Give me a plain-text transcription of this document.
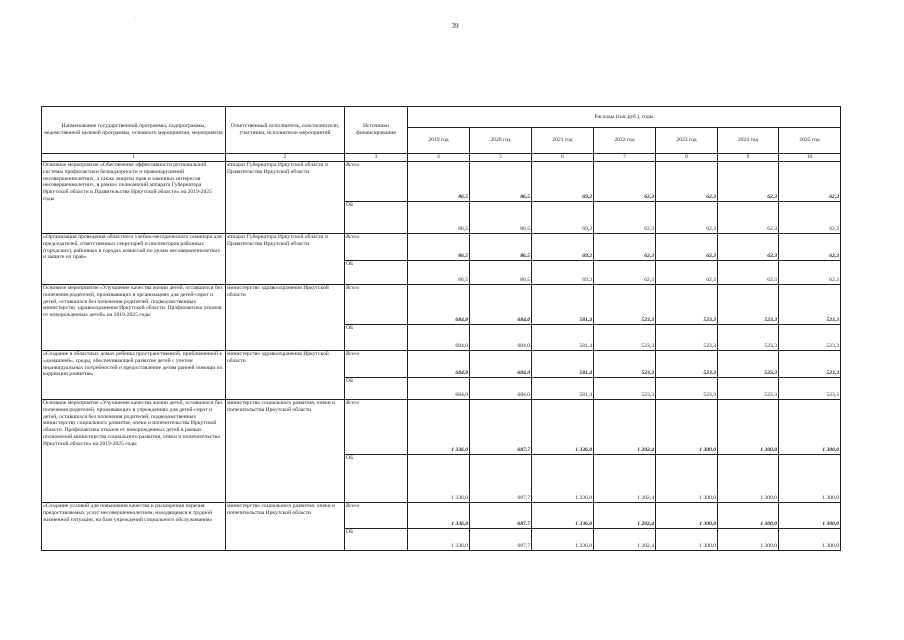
39
·
Наименование государственной программы, подпрограммы, ведомственной целевой программы, основного мероприятия, мероприятия	Ответственный исполнитель, соисполнители, участники, исполнители мероприятий	Источники финансирования	Расходы (тыс.руб.), годы						
			2019 год	2020 год	2021 год	2022 год	2023 год	2024 год	2025 год
1	2	3	4	5	6	7	8	9	10
Основное мероприятие «Обеспечение эффективности региональной системы профилактики безнадзорности и правонарушений несовершеннолетних, а также защиты прав и законных интересов несовершеннолетних, в рамках полномочий аппарата Губернатора Иркутской области и Правительства Иркутской области» на 2019-2025 годы	аппарат Губернатора Иркутской области и Правительства Иркутской области	Всего	86,5	86,5	69,2	62,3	62,3	62,3	62,3
		ОБ	86,5	86,5	69,2	62,3	62,3	62,3	62,3
«Организация проведения областного учебно-методического семинара для председателей, ответственных секретарей и инспекторов районных (городских), районных в городах комиссий по делам несовершеннолетних и защите их прав»	аппарат Губернатора Иркутской области и Правительства Иркутской области	Всего	86,5	86,5	69,2	62,3	62,3	62,3	62,3
		ОБ	86,5	86,5	69,2	62,3	62,3	62,3	62,3
Основное мероприятие «Улучшение качества жизни детей, оставшихся без попечения родителей, проживающих в организациях для детей-сирот и детей, оставшихся без попечения родителей, подведомственных министерству здравоохранения Иркутской области. Профилактика отказов от новорожденных детей» на 2019-2025 годы	министерство здравоохранения Иркутской области	Всего	684,0	684,0	581,4	523,3	523,3	523,3	523,3
		ОБ	684,0	684,0	581,4	523,3	523,3	523,3	523,3
«Создание в областных домах ребенка пространственной, приближенной к «домашней», среды, обеспечивающей развитие детей с учетом индивидуальных потребностей и предоставление детям ранней помощи по коррекции развития»	министерство здравоохранения Иркутской области	Всего	684,0	684,0	581,4	523,3	523,3	523,3	523,3
		ОБ	684,0	684,0	581,4	523,3	523,3	523,3	523,3
Основное мероприятие «Улучшение качества жизни детей, оставшихся без попечения родителей, проживающих в учреждениях для детей-сирот и детей, оставшихся без попечения родителей, подведомственных министерству социального развития, опеки и попечительства Иркутской области. Профилактика отказов от новорожденных детей в рамках полномочий министерства социального развития, опеки и попечительства Иркутской области» на 2019-2025 годы	министерство социального развития, опеки и попечительства Иркутской области	Всего	1 336,0	687,7	1 336,0	1 202,4	1 300,0	1 300,0	1 300,0
		ОБ	1 336,0	687,7	1 336,0	1 202,4	1 300,0	1 300,0	1 300,0
«Создание условий для повышения качества и расширения перечня предоставляемых услуг несовершеннолетним, находящимся в трудной жизненной ситуации, на базе учреждений социального обслуживания»	министерство социального развития, опеки и попечительства Иркутской области	Всего	1 336,0	687,7	1 336,0	1 202,4	1 300,0	1 300,0	1 300,0
		ОБ	1 336,0	687,7	1 336,0	1 202,4	1 300,0	1 300,0	1 300,0
